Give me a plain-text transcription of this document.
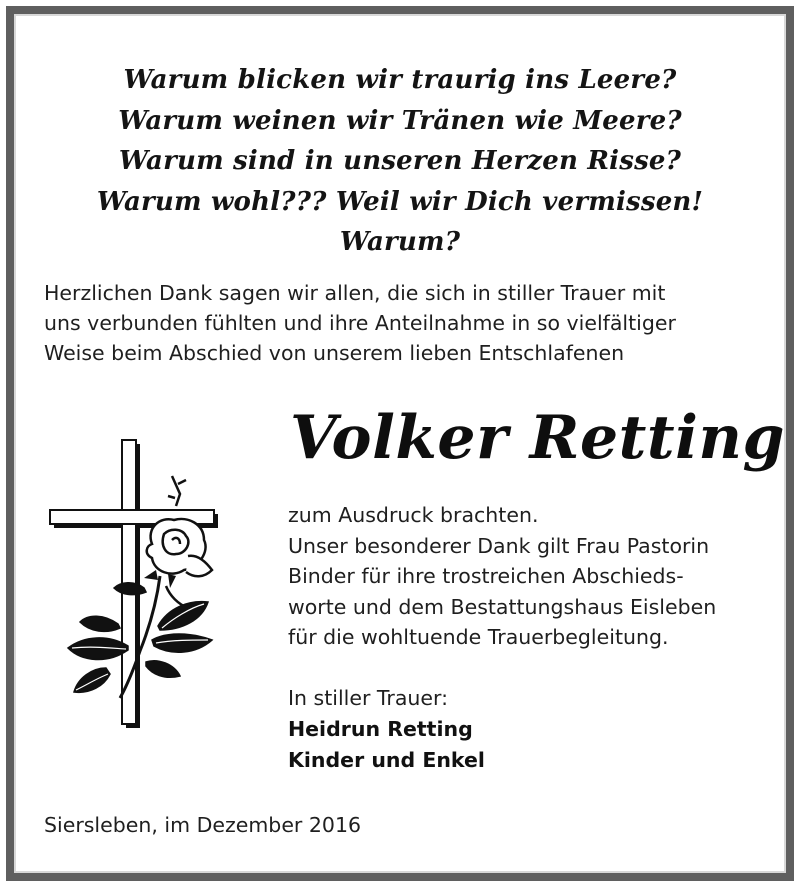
Warum blicken wir traurig ins Leere?
Warum weinen wir Tränen wie Meere?
Warum sind in unseren Herzen Risse?
Warum wohl??? Weil wir Dich vermissen!
Warum?
Herzlichen Dank sagen wir allen, die sich in stiller Trauer mit
uns verbunden fühlten und ihre Anteilnahme in so vielfältiger
Weise beim Abschied von unserem lieben Entschlafenen
Volker Retting
zum Ausdruck brachten.
Unser besonderer Dank gilt Frau Pastorin
Binder für ihre trostreichen Abschieds-
worte und dem Bestattungshaus Eisleben
für die wohltuende Trauerbegleitung.
In stiller Trauer:
Heidrun Retting
Kinder und Enkel
Siersleben, im Dezember 2016
